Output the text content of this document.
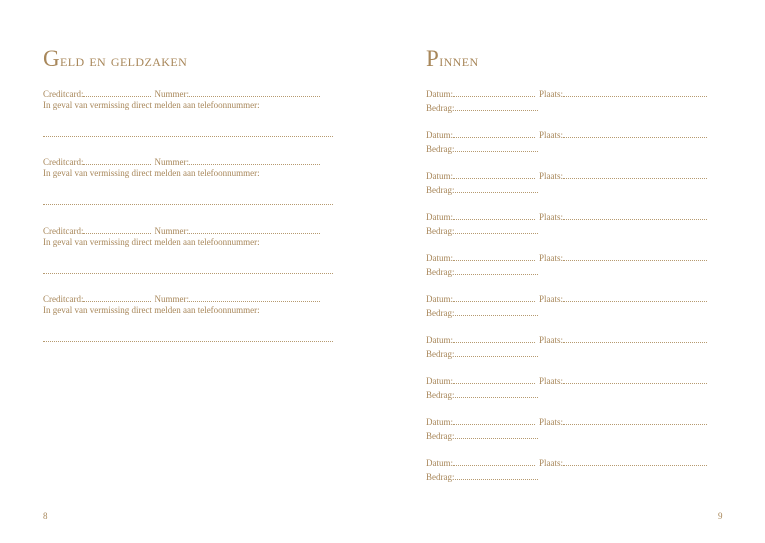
Geld en geldzaken
Creditcard:	Nummer:
In geval van vermissing direct melden aan telefoonnummer:
Creditcard:	Nummer:
In geval van vermissing direct melden aan telefoonnummer:
Creditcard:	Nummer:
In geval van vermissing direct melden aan telefoonnummer:
Creditcard:	Nummer:
In geval van vermissing direct melden aan telefoonnummer:
8
Pinnen
Datum:	Plaats:
Bedrag:
Datum:	Plaats:
Bedrag:
Datum:	Plaats:
Bedrag:
Datum:	Plaats:
Bedrag:
Datum:	Plaats:
Bedrag:
Datum:	Plaats:
Bedrag:
Datum:	Plaats:
Bedrag:
Datum:	Plaats:
Bedrag:
Datum:	Plaats:
Bedrag:
Datum:	Plaats:
Bedrag:
9
